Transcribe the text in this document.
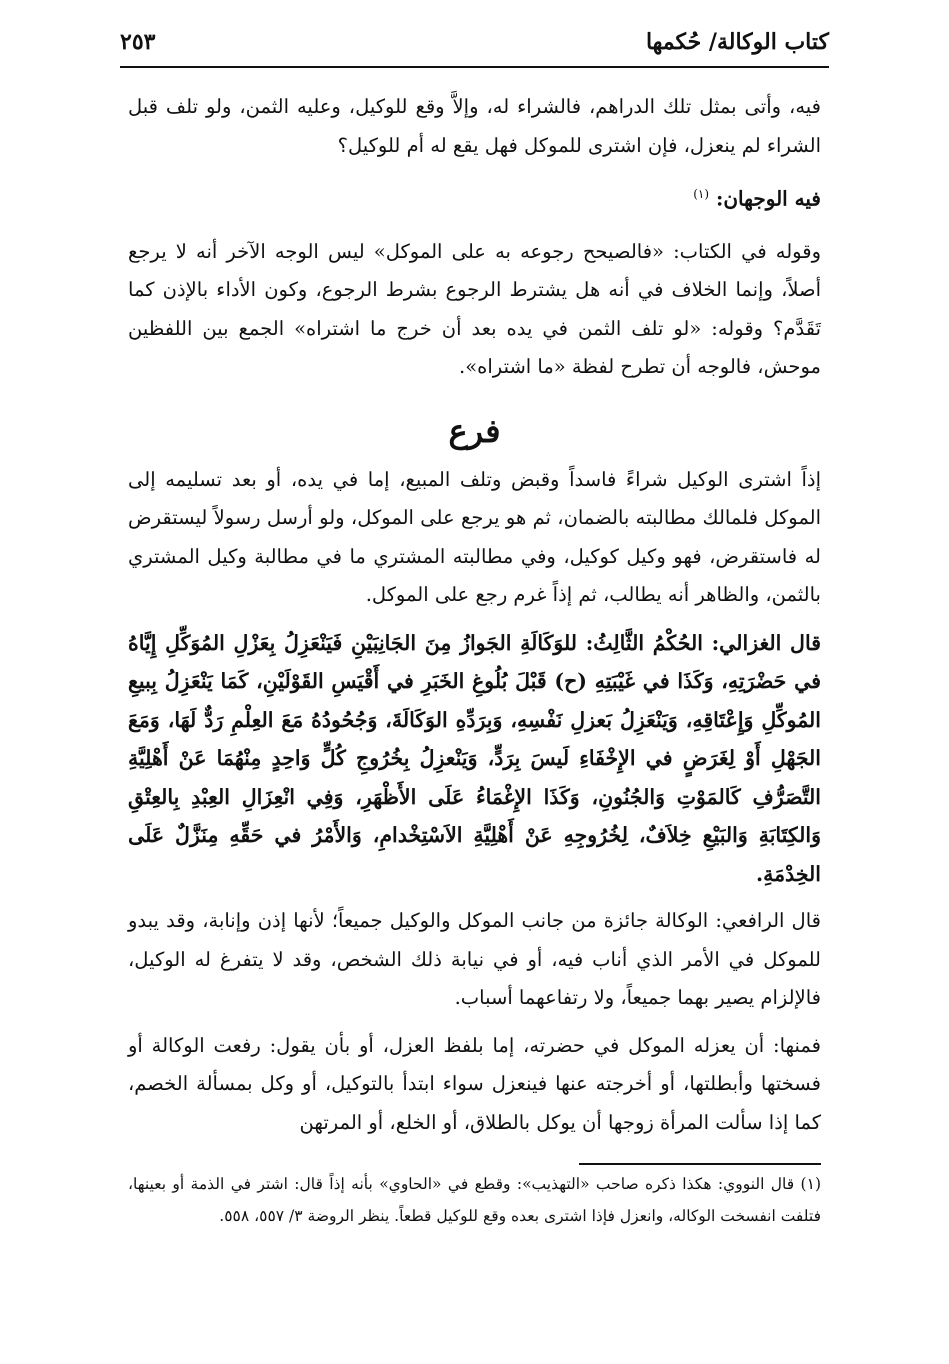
كتاب الوكالة/ حُكمها
٢٥٣

فيه، وأتى بمثل تلك الدراهم، فالشراء له، وإلاَّ وقع للوكيل، وعليه الثمن، ولو تلف قبل الشراء لم ينعزل، فإن اشترى للموكل فهل يقع له أم للوكيل؟

فيه الوجهان: $^{(١)}$

وقوله في الكتاب: «فالصيحح رجوعه به على الموكل» ليس الوجه الآخر أنه لا يرجع أصلاً، وإنما الخلاف في أنه هل يشترط الرجوع بشرط الرجوع، وكون الأداء بالإذن كما تَقَدَّم؟ وقوله: «لو تلف الثمن في يده بعد أن خرج ما اشتراه» الجمع بين اللفظين موحش، فالوجه أن تطرح لفظة «ما اشتراه».

فرع

إذاً اشترى الوكيل شراءً فاسداً وقبض وتلف المبيع، إما في يده، أو بعد تسليمه إلى الموكل فلمالك مطالبته بالضمان، ثم هو يرجع على الموكل، ولو أرسل رسولاً ليستقرض له فاستقرض، فهو وكيل كوكيل، وفي مطالبته المشتري ما في مطالبة وكيل المشتري بالثمن، والظاهر أنه يطالب، ثم إذاً غرم رجع على الموكل.

قال الغزالي: الحُكْمُ الثَّالِثُ: للوَكَالَةِ الجَوازُ مِنَ الجَانِبَيْنِ فَيَنْعَزِلُ بِعَزْلِ المُوَكِّلِ إِيَّاهُ في حَضْرَتِهِ، وَكَذَا في غَيْبَتِهِ (ح) قَبْلَ بُلُوغِ الخَبَرِ في أَقْيَسِ القَوْلَيْنِ، كَمَا يَنْعَزِلُ بِبيعِ المُوكِّلِ وَإِعْتَاقِهِ، وَيَنْعَزِلُ بَعزلِ نَفْسِهِ، وَبِرَدِّهِ الوَكَالَةَ، وَجُحُودُهُ مَعَ العِلْمِ رَدٌّ لَهَا، وَمَعَ الجَهْلِ أَوْ لِغَرَضٍ في الإِخْفَاءِ لَيسَ بِرَدٍّ، وَيَنْعزِلُ بِخُرُوجِ كُلٍّ وَاحِدٍ مِنْهُمَا عَنْ أَهْلِيَّةِ التَّصَرُّفِ كَالمَوْتِ وَالجُنُونِ، وَكَذَا الإِغْمَاءُ عَلَى الأَظْهَرِ، وَفِي انْعِزَالِ العِبْدِ بِالعِتْقِ وَالكِتَابَةِ وَالبَيْعِ خِلاَفٌ، لِخُرُوجِهِ عَنْ أَهْلِيَّةِ الاَسْتِخْدامِ، وَالأَمْرُ في حَقِّهِ مِنَزَّلٌ عَلَى الخِدْمَةِ.

قال الرافعي: الوكالة جائزة من جانب الموكل والوكيل جميعاً؛ لأنها إذن وإنابة، وقد يبدو للموكل في الأمر الذي أناب فيه، أو في نيابة ذلك الشخص، وقد لا يتفرغ له الوكيل، فالإلزام يصير بهما جميعاً، ولا رتفاعهما أسباب.

فمنها: أن يعزله الموكل في حضرته، إما بلفظ العزل، أو بأن يقول: رفعت الوكالة أو فسختها وأبطلتها، أو أخرجته عنها فينعزل سواء ابتدأ بالتوكيل، أو وكل بمسألة الخصم، كما إذا سألت المرأة زوجها أن يوكل بالطلاق، أو الخلع، أو المرتهن

(١) قال النووي: هكذا ذكره صاحب «التهذيب»: وقطع في «الحاوي» بأنه إذاً قال: اشتر في الذمة أو بعينها، فتلفت انفسخت الوكاله، وانعزل فإذا اشترى بعده وقع للوكيل قطعاً. ينظر الروضة ٣/ ٥٥٧، ٥٥٨.
